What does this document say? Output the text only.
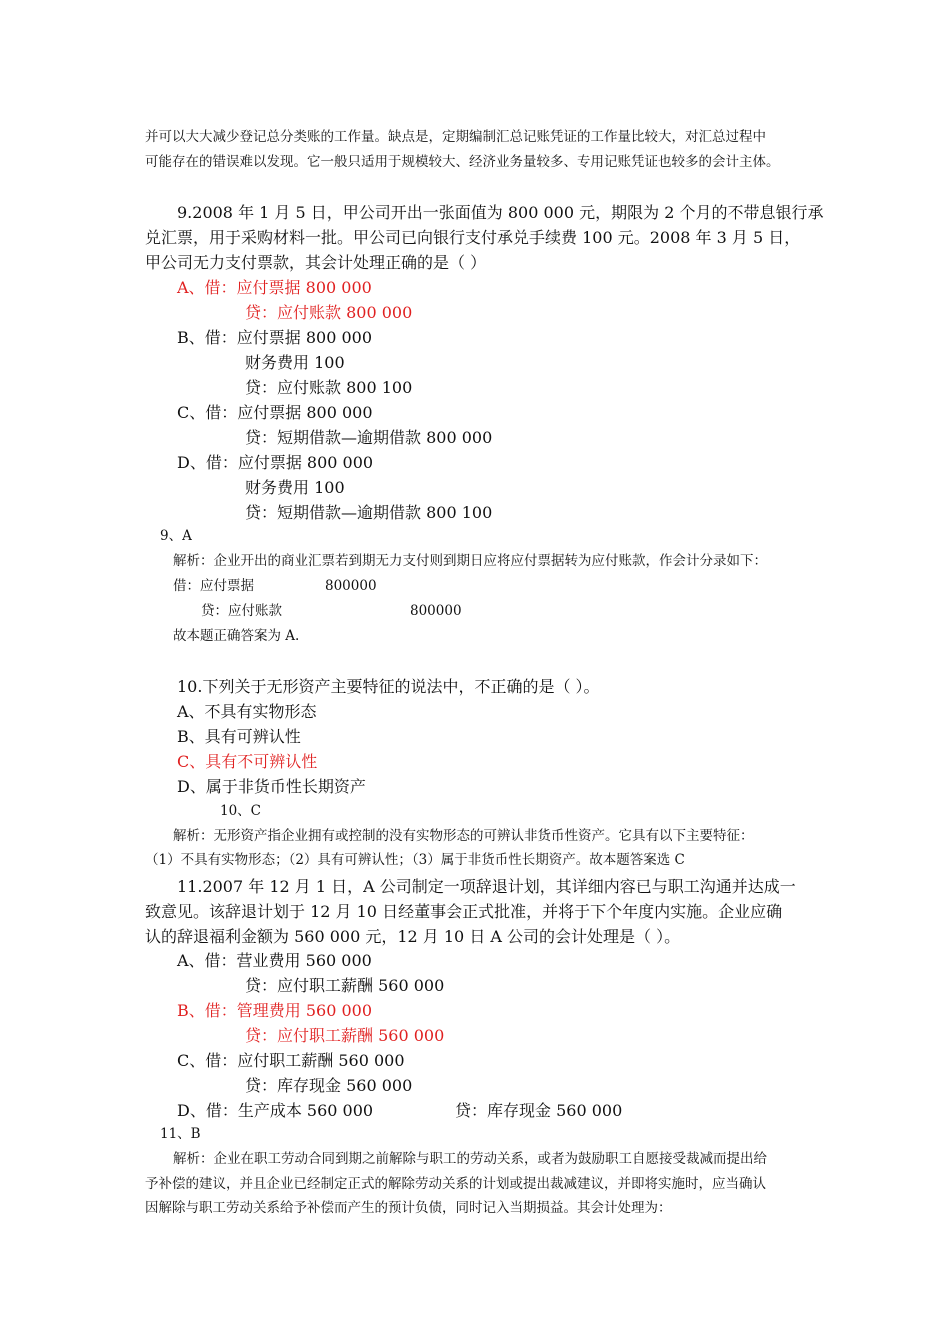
并可以大大减少登记总分类账的工作量。缺点是，定期编制汇总记账凭证的工作量比较大，对汇总过程中
可能存在的错误难以发现。它一般只适用于规模较大、经济业务量较多、专用记账凭证也较多的会计主体。
9.2008 年 1 月 5 日，甲公司开出一张面值为 800 000 元，期限为 2 个月的不带息银行承
兑汇票，用于采购材料一批。甲公司已向银行支付承兑手续费 100 元。2008 年 3 月 5 日，
甲公司无力支付票款，其会计处理正确的是（ ）
A、借：应付票据 800 000
贷：应付账款 800 000
B、借：应付票据 800 000
财务费用 100
贷：应付账款 800 100
C、借：应付票据 800 000
贷：短期借款—逾期借款 800 000
D、借：应付票据 800 000
财务费用 100
贷：短期借款—逾期借款 800 100
9、A
解析：企业开出的商业汇票若到期无力支付则到期日应将应付票据转为应付账款，作会计分录如下：
借：应付票据	800000
贷：应付账款	800000
故本题正确答案为 A.
10.下列关于无形资产主要特征的说法中，不正确的是（ ）。
A、不具有实物形态
B、具有可辨认性
C、具有不可辨认性
D、属于非货币性长期资产
10、C
解析：无形资产指企业拥有或控制的没有实物形态的可辨认非货币性资产。它具有以下主要特征：
（1）不具有实物形态；（2）具有可辨认性；（3）属于非货币性长期资产。故本题答案选 C
11.2007 年 12 月 1 日，A 公司制定一项辞退计划，其详细内容已与职工沟通并达成一
致意见。该辞退计划于 12 月 10 日经董事会正式批准，并将于下个年度内实施。企业应确
认的辞退福利金额为 560 000 元，12 月 10 日 A 公司的会计处理是（ ）。
A、借：营业费用 560 000
贷：应付职工薪酬 560 000
B、借：管理费用 560 000
贷：应付职工薪酬 560 000
C、借：应付职工薪酬 560 000
贷：库存现金 560 000
D、借：生产成本 560 000	贷：库存现金 560 000
11、B
解析：企业在职工劳动合同到期之前解除与职工的劳动关系，或者为鼓励职工自愿接受裁减而提出给
予补偿的建议，并且企业已经制定正式的解除劳动关系的计划或提出裁减建议，并即将实施时，应当确认
因解除与职工劳动关系给予补偿而产生的预计负债，同时记入当期损益。其会计处理为：
